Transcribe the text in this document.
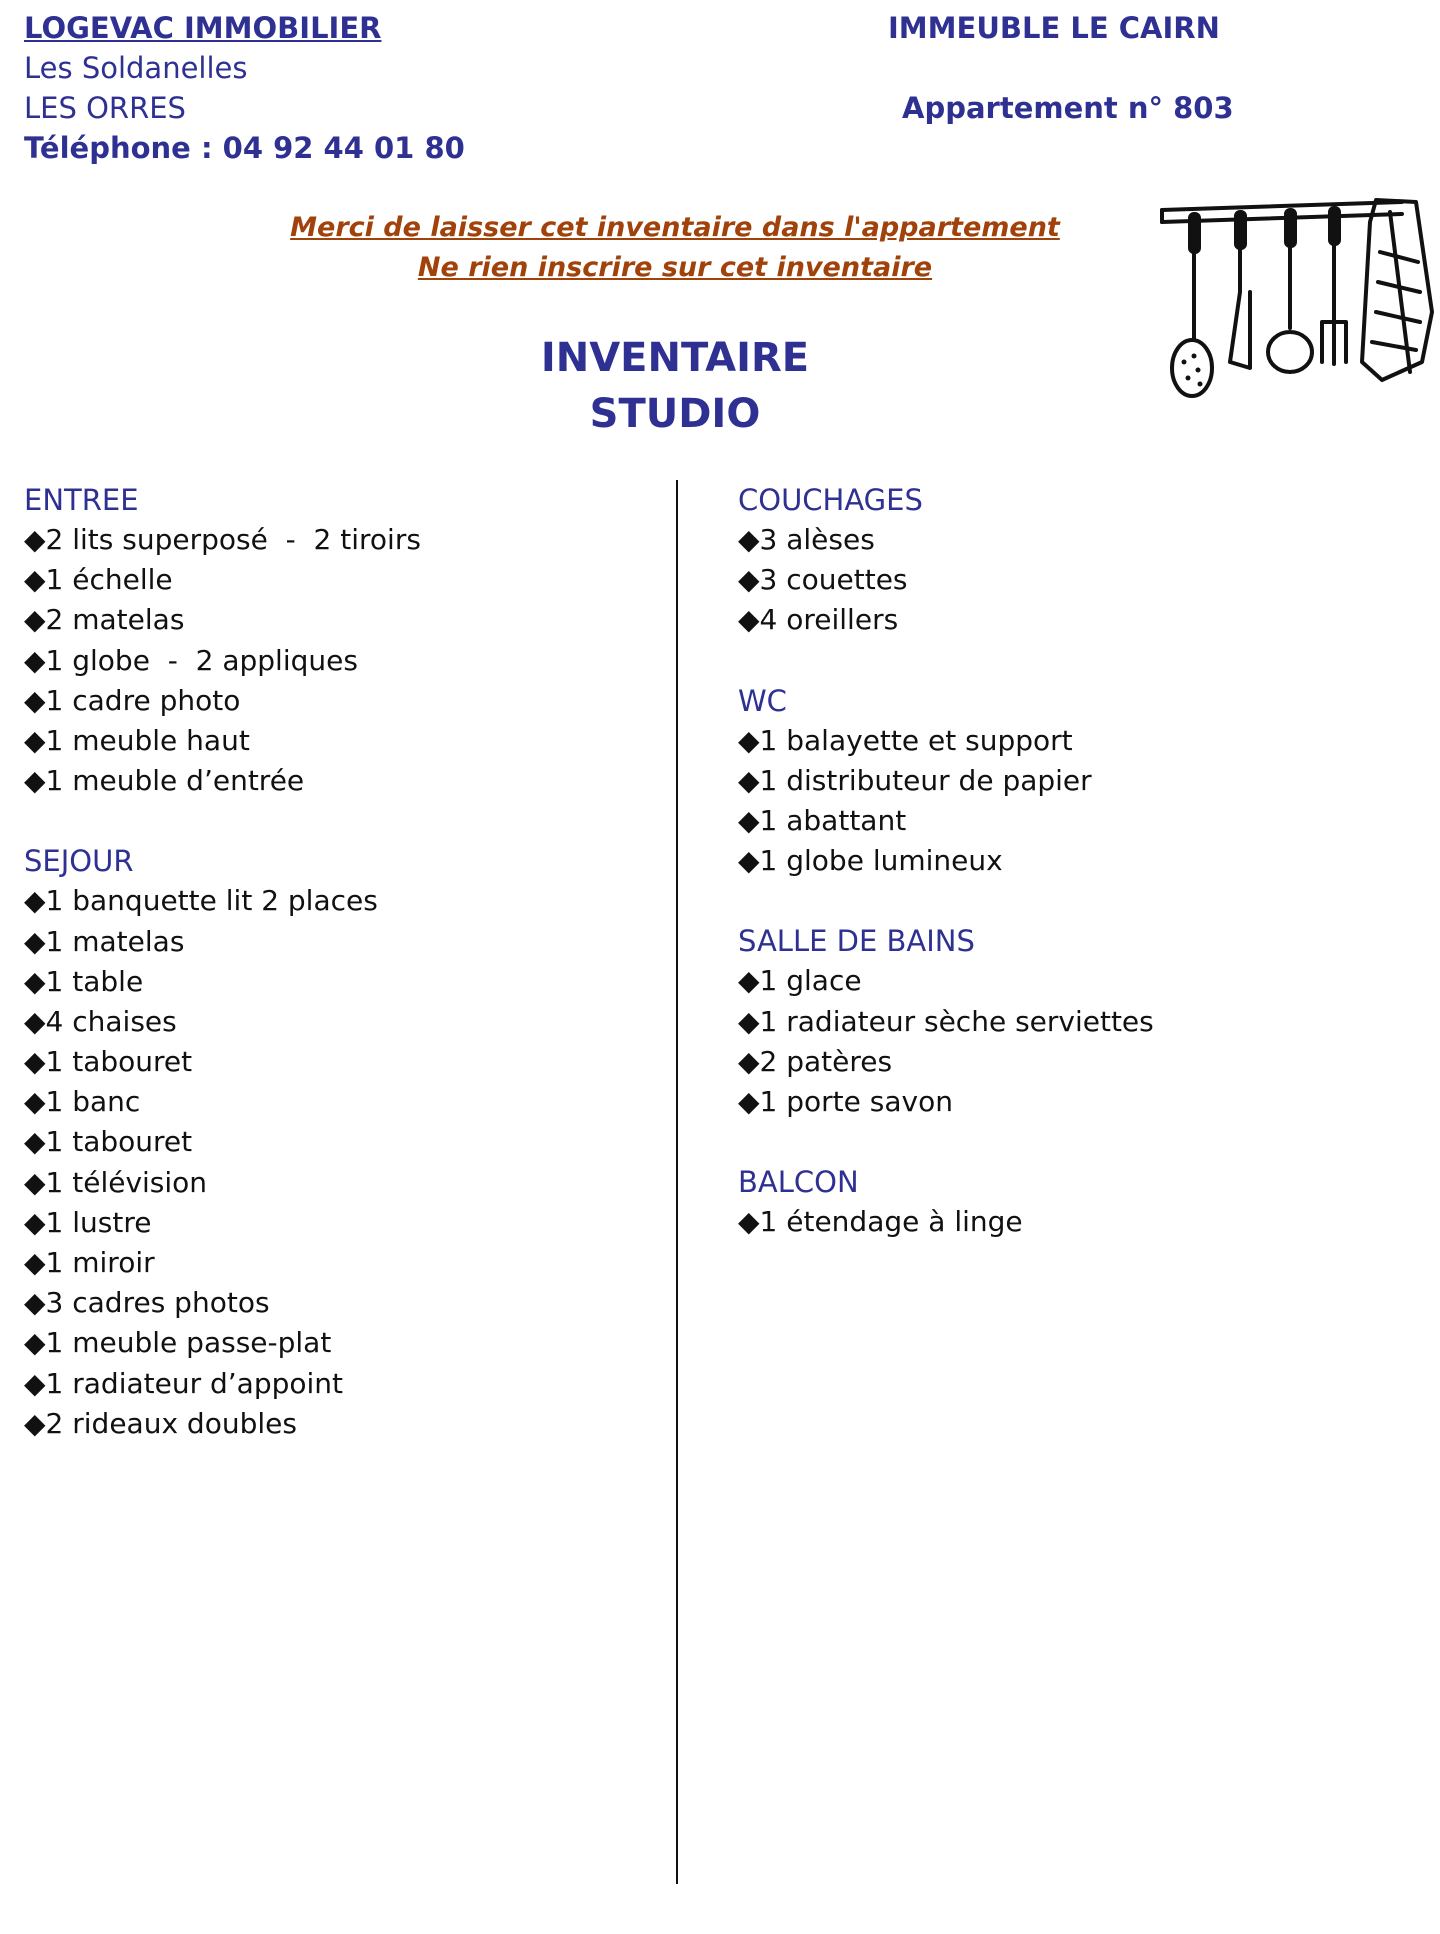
LOGEVAC IMMOBILIER
Les Soldanelles
LES ORRES
Téléphone : 04 92 44 01 80
IMMEUBLE LE CAIRN
Appartement n° 803
Merci de laisser cet inventaire dans l'appartement
Ne rien inscrire sur cet inventaire
INVENTAIRE
STUDIO
ENTREE
◆2 lits superposé  -  2 tiroirs
◆1 échelle
◆2 matelas
◆1 globe  -  2 appliques
◆1 cadre photo
◆1 meuble haut
◆1 meuble d’entrée
SEJOUR
◆1 banquette lit 2 places
◆1 matelas
◆1 table
◆4 chaises
◆1 tabouret
◆1 banc
◆1 tabouret
◆1 télévision
◆1 lustre
◆1 miroir
◆3 cadres photos
◆1 meuble passe-plat
◆1 radiateur d’appoint
◆2 rideaux doubles
COUCHAGES
◆3 alèses
◆3 couettes
◆4 oreillers
WC
◆1 balayette et support
◆1 distributeur de papier
◆1 abattant
◆1 globe lumineux
SALLE DE BAINS
◆1 glace
◆1 radiateur sèche serviettes
◆2 patères
◆1 porte savon
BALCON
◆1 étendage à linge
